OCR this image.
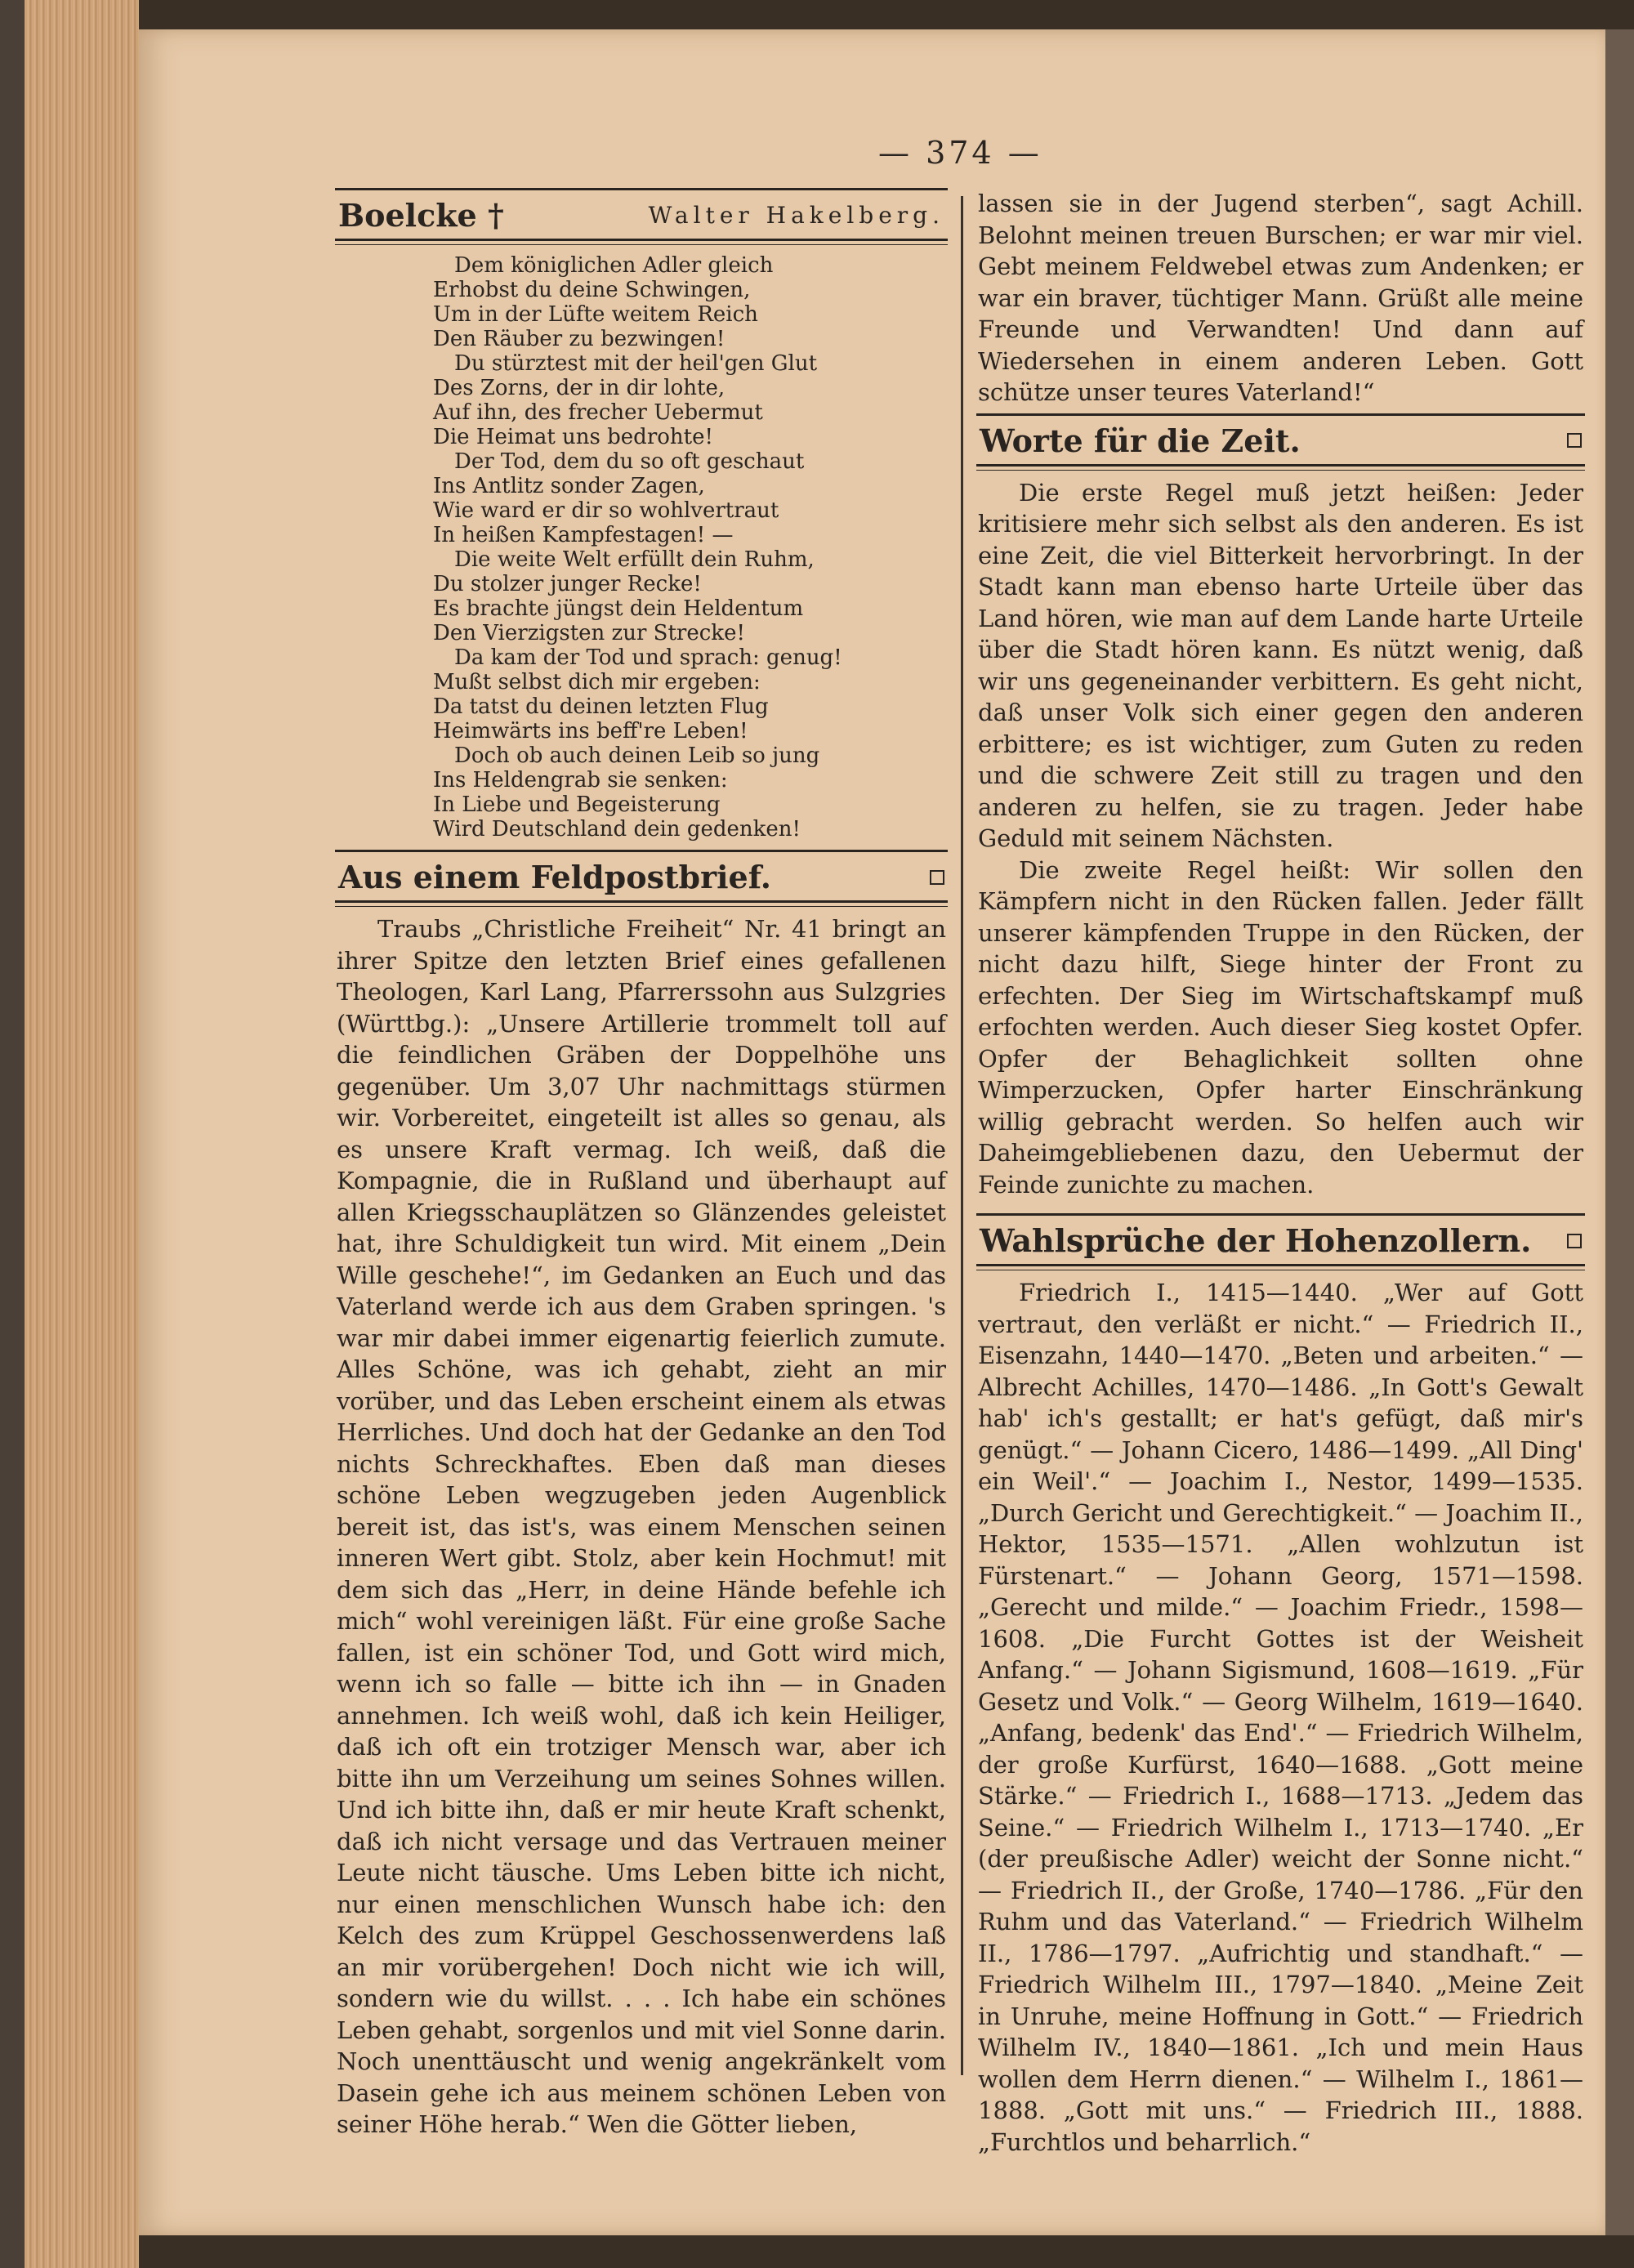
— 374 —
Boelcke †	Walter Hakelberg.
Dem königlichen Adler gleich
Erhobst du deine Schwingen,
Um in der Lüfte weitem Reich
Den Räuber zu bezwingen!
Du stürztest mit der heil'gen Glut
Des Zorns, der in dir lohte,
Auf ihn, des frecher Uebermut
Die Heimat uns bedrohte!
Der Tod, dem du so oft geschaut
Ins Antlitz sonder Zagen,
Wie ward er dir so wohlvertraut
In heißen Kampfestagen! —
Die weite Welt erfüllt dein Ruhm,
Du stolzer junger Recke!
Es brachte jüngst dein Heldentum
Den Vierzigsten zur Strecke!
Da kam der Tod und sprach: genug!
Mußt selbst dich mir ergeben:
Da tatst du deinen letzten Flug
Heimwärts ins beff're Leben!
Doch ob auch deinen Leib so jung
Ins Heldengrab sie senken:
In Liebe und Begeisterung
Wird Deutschland dein gedenken!
Aus einem Feldpostbrief.

Traubs „Christliche Freiheit“ Nr. 41 bringt an ihrer Spitze den letzten Brief eines gefallenen Theologen, Karl Lang, Pfarrerssohn aus Sulzgries (Württbg.): „Unsere Artillerie trommelt toll auf die feindlichen Gräben der Doppelhöhe uns gegenüber. Um 3,07 Uhr nachmittags stürmen wir. Vorbereitet, eingeteilt ist alles so genau, als es unsere Kraft vermag. Ich weiß, daß die Kompagnie, die in Rußland und überhaupt auf allen Kriegsschauplätzen so Glänzendes geleistet hat, ihre Schuldigkeit tun wird. Mit einem „Dein Wille geschehe!“, im Gedanken an Euch und das Vaterland werde ich aus dem Graben springen. 's war mir dabei immer eigenartig feierlich zumute. Alles Schöne, was ich gehabt, zieht an mir vorüber, und das Leben erscheint einem als etwas Herrliches. Und doch hat der Gedanke an den Tod nichts Schreckhaftes. Eben daß man dieses schöne Leben wegzugeben jeden Augenblick bereit ist, das ist's, was einem Menschen seinen inneren Wert gibt. Stolz, aber kein Hochmut! mit dem sich das „Herr, in deine Hände befehle ich mich“ wohl vereinigen läßt. Für eine große Sache fallen, ist ein schöner Tod, und Gott wird mich, wenn ich so falle — bitte ich ihn — in Gnaden annehmen. Ich weiß wohl, daß ich kein Heiliger, daß ich oft ein trotziger Mensch war, aber ich bitte ihn um Verzeihung um seines Sohnes willen. Und ich bitte ihn, daß er mir heute Kraft schenkt, daß ich nicht versage und das Vertrauen meiner Leute nicht täusche. Ums Leben bitte ich nicht, nur einen menschlichen Wunsch habe ich: den Kelch des zum Krüppel Geschossenwerdens laß an mir vorübergehen! Doch nicht wie ich will, sondern wie du willst. . . . Ich habe ein schönes Leben gehabt, sorgenlos und mit viel Sonne darin. Noch unenttäuscht und wenig angekränkelt vom Dasein gehe ich aus meinem schönen Leben von seiner Höhe herab.“ Wen die Götter lieben,

lassen sie in der Jugend sterben“, sagt Achill. Belohnt meinen treuen Burschen; er war mir viel. Gebt meinem Feldwebel etwas zum Andenken; er war ein braver, tüchtiger Mann. Grüßt alle meine Freunde und Verwandten! Und dann auf Wiedersehen in einem anderen Leben. Gott schütze unser teures Vaterland!“

Worte für die Zeit.

Die erste Regel muß jetzt heißen: Jeder kritisiere mehr sich selbst als den anderen. Es ist eine Zeit, die viel Bitterkeit hervorbringt. In der Stadt kann man ebenso harte Urteile über das Land hören, wie man auf dem Lande harte Urteile über die Stadt hören kann. Es nützt wenig, daß wir uns gegeneinander verbittern. Es geht nicht, daß unser Volk sich einer gegen den anderen erbittere; es ist wichtiger, zum Guten zu reden und die schwere Zeit still zu tragen und den anderen zu helfen, sie zu tragen. Jeder habe Geduld mit seinem Nächsten.

Die zweite Regel heißt: Wir sollen den Kämpfern nicht in den Rücken fallen. Jeder fällt unserer kämpfenden Truppe in den Rücken, der nicht dazu hilft, Siege hinter der Front zu erfechten. Der Sieg im Wirtschaftskampf muß erfochten werden. Auch dieser Sieg kostet Opfer. Opfer der Behaglichkeit sollten ohne Wimperzucken, Opfer harter Einschränkung willig gebracht werden. So helfen auch wir Daheimgebliebenen dazu, den Uebermut der Feinde zunichte zu machen.

Wahlsprüche der Hohenzollern.

Friedrich I., 1415—1440. „Wer auf Gott vertraut, den verläßt er nicht.“ — Friedrich II., Eisenzahn, 1440—1470. „Beten und arbeiten.“ — Albrecht Achilles, 1470—1486. „In Gott's Gewalt hab' ich's gestallt; er hat's gefügt, daß mir's genügt.“ — Johann Cicero, 1486—1499. „All Ding' ein Weil'.“ — Joachim I., Nestor, 1499—1535. „Durch Gericht und Gerechtigkeit.“ — Joachim II., Hektor, 1535—1571. „Allen wohlzutun ist Fürstenart.“ — Johann Georg, 1571—1598. „Gerecht und milde.“ — Joachim Friedr., 1598—1608. „Die Furcht Gottes ist der Weisheit Anfang.“ — Johann Sigismund, 1608—1619. „Für Gesetz und Volk.“ — Georg Wilhelm, 1619—1640. „Anfang, bedenk' das End'.“ — Friedrich Wilhelm, der große Kurfürst, 1640—1688. „Gott meine Stärke.“ — Friedrich I., 1688—1713. „Jedem das Seine.“ — Friedrich Wilhelm I., 1713—1740. „Er (der preußische Adler) weicht der Sonne nicht.“ — Friedrich II., der Große, 1740—1786. „Für den Ruhm und das Vaterland.“ — Friedrich Wilhelm II., 1786—1797. „Aufrichtig und standhaft.“ — Friedrich Wilhelm III., 1797—1840. „Meine Zeit in Unruhe, meine Hoffnung in Gott.“ — Friedrich Wilhelm IV., 1840—1861. „Ich und mein Haus wollen dem Herrn dienen.“ — Wilhelm I., 1861—1888. „Gott mit uns.“ — Friedrich III., 1888. „Furchtlos und beharrlich.“
